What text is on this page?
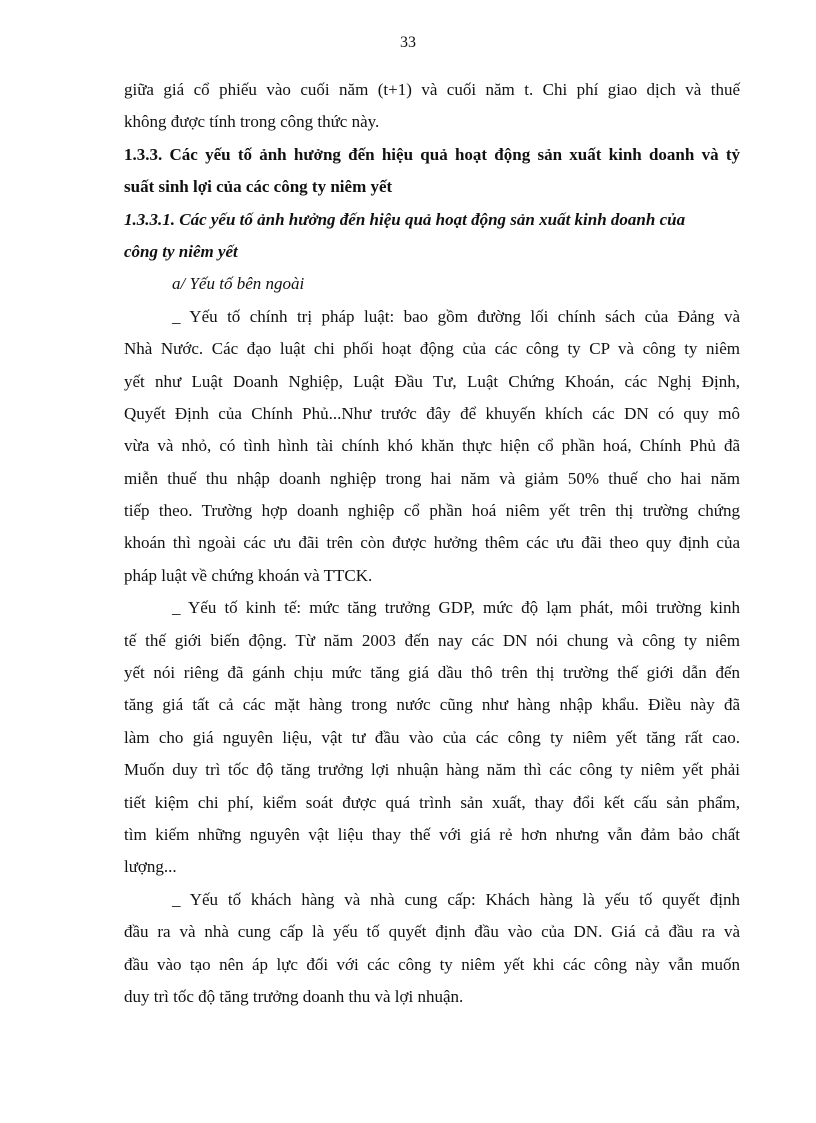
33
giữa giá cổ phiếu vào cuối năm (t+1) và cuối năm t. Chi phí giao dịch và thuế
không được tính trong công thức này.
1.3.3. Các yếu tố ảnh hưởng đến hiệu quả hoạt động sản xuất kinh doanh và tỷ
suất sinh lợi của các công ty niêm yết
1.3.3.1. Các yếu tố ảnh hưởng đến hiệu quả hoạt động sản xuất kinh doanh của
công ty niêm yết
a/ Yếu tố bên ngoài
_ Yếu tố chính trị pháp luật: bao gồm đường lối chính sách của Đảng và
Nhà Nước. Các đạo luật chi phối hoạt động của các công ty CP và công ty niêm
yết như Luật Doanh Nghiệp, Luật Đầu Tư, Luật Chứng Khoán, các Nghị Định,
Quyết Định của Chính Phủ...Như trước đây để khuyến khích các DN có quy mô
vừa và nhỏ, có tình hình tài chính khó khăn thực hiện cổ phần hoá, Chính Phủ đã
miễn thuế thu nhập doanh nghiệp trong hai năm và giảm 50% thuế cho hai năm
tiếp theo. Trường hợp doanh nghiệp cổ phần hoá niêm yết trên thị trường chứng
khoán thì ngoài các ưu đãi trên còn được hưởng thêm các ưu đãi theo quy định của
pháp luật về chứng khoán và TTCK.
_ Yếu tố kinh tế: mức tăng trưởng GDP, mức độ lạm phát, môi trường kinh
tế thế giới biến động. Từ năm 2003 đến nay các DN nói chung và công ty niêm
yết nói riêng đã gánh chịu mức tăng giá dầu thô trên thị trường thế giới dẫn đến
tăng giá tất cả các mặt hàng trong nước cũng như hàng nhập khẩu. Điều này đã
làm cho giá nguyên liệu, vật tư đầu vào của các công ty niêm yết tăng rất cao.
Muốn duy trì tốc độ tăng trưởng lợi nhuận hàng năm thì các công ty niêm yết phải
tiết kiệm chi phí, kiểm soát được quá trình sản xuất, thay đổi kết cấu sản phẩm,
tìm kiếm những nguyên vật liệu thay thế với giá rẻ hơn nhưng vẫn đảm bảo chất
lượng...
_ Yếu tố khách hàng và nhà cung cấp: Khách hàng là yếu tố quyết định
đầu ra và nhà cung cấp là yếu tố quyết định đầu vào của DN. Giá cả đầu ra và
đầu vào tạo nên áp lực đối với các công ty niêm yết khi các công này vẫn muốn
duy trì tốc độ tăng trưởng doanh thu và lợi nhuận.
